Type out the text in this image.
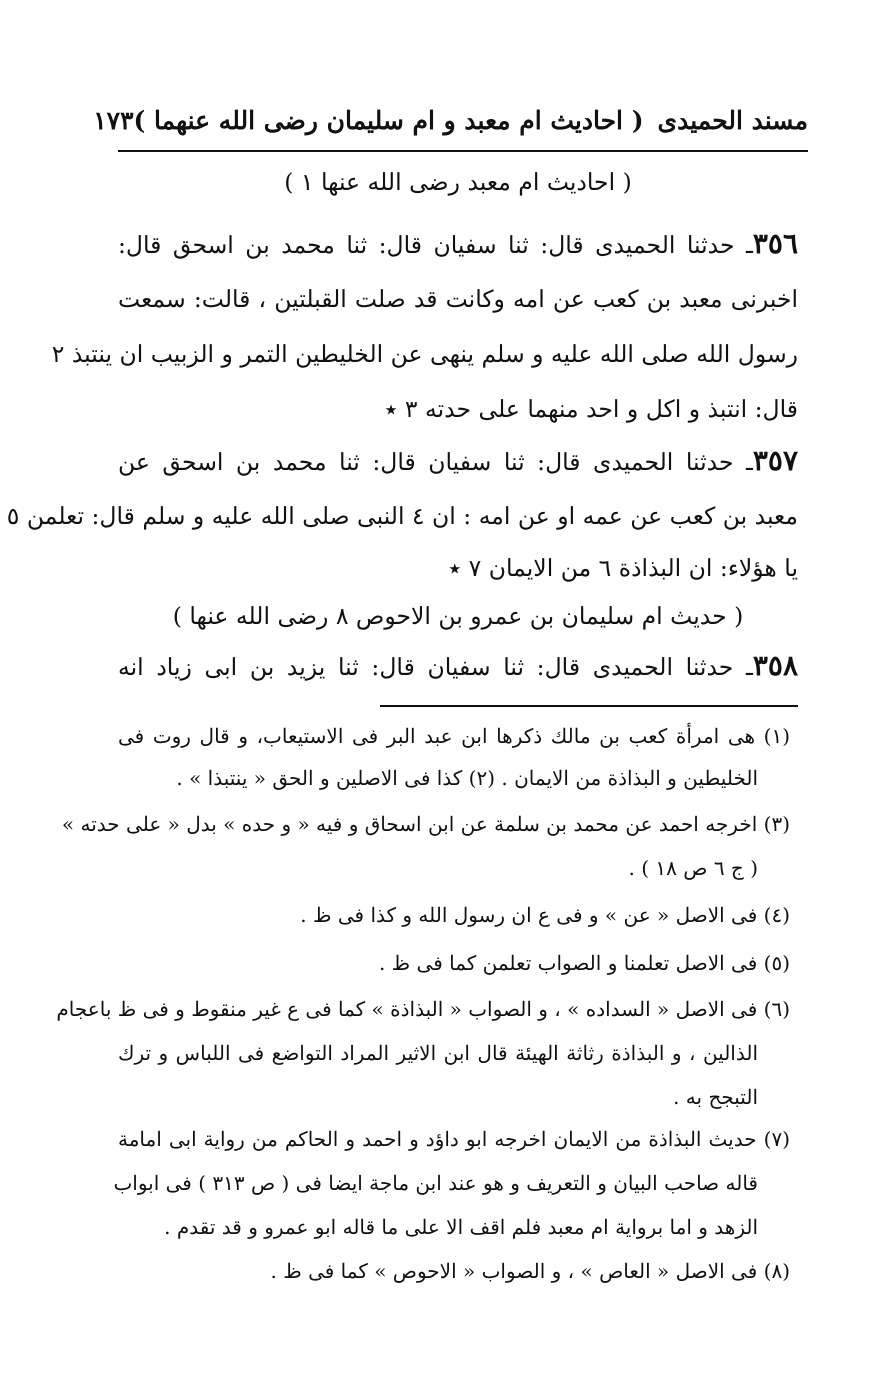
مسند الحميدى
( احاديث ام معبد و ام سليمان رضى الله عنهما )
١٧٣
( احاديث ام معبد رضى الله عنها ١ )
٣٥٦ـ حدثنا الحميدى قال: ثنا سفيان قال: ثنا محمد بن اسحق قال:
اخبرنى معبد بن كعب عن امه وكانت قد صلت القبلتين ، قالت: سمعت
رسول الله صلى الله عليه و سلم ينهى عن الخليطين التمر و الزبيب ان ينتبذ ٢
قال: انتبذ و اكل و احد منهما على حدته ٣ ٭
٣٥٧ـ حدثنا الحميدى قال: ثنا سفيان قال: ثنا محمد بن اسحق عن
معبد بن كعب عن عمه او عن امه : ان ٤ النبى صلى الله عليه و سلم قال: تعلمن ٥
يا هؤلاء: ان البذاذة ٦ من الايمان ٧ ٭
( حديث ام سليمان بن عمرو بن الاحوص ٨ رضى الله عنها )
٣٥٨ـ حدثنا الحميدى قال: ثنا سفيان قال: ثنا يزيد بن ابى زياد انه
(١) هى امرأة كعب بن مالك ذكرها ابن عبد البر فى الاستيعاب، و قال روت فى
الخليطين و البذاذة من الايمان . (٢) كذا فى الاصلين و الحق « ينتبذا » .
(٣) اخرجه احمد عن محمد بن سلمة عن ابن اسحاق و فيه « و حده » بدل « على حدته »
( ج ٦ ص ١٨ ) .
(٤) فى الاصل « عن » و فى ع ان رسول الله و كذا فى ظ .
(٥) فى الاصل تعلمنا و الصواب تعلمن كما فى ظ .
(٦) فى الاصل « السداده » ، و الصواب « البذاذة » كما فى ع غير منقوط و فى ظ باعجام
الذالين ، و البذاذة رثاثة الهيئة قال ابن الاثير المراد التواضع فى اللباس و ترك
التبجح به .
(٧) حديث البذاذة من الايمان اخرجه ابو داؤد و احمد و الحاكم من رواية ابى امامة
قاله صاحب البيان و التعريف و هو عند ابن ماجة ايضا فى ( ص ٣١٣ ) فى ابواب
الزهد و اما برواية ام معبد فلم اقف الا على ما قاله ابو عمرو و قد تقدم .
(٨) فى الاصل « العاص » ، و الصواب « الاحوص » كما فى ظ .
